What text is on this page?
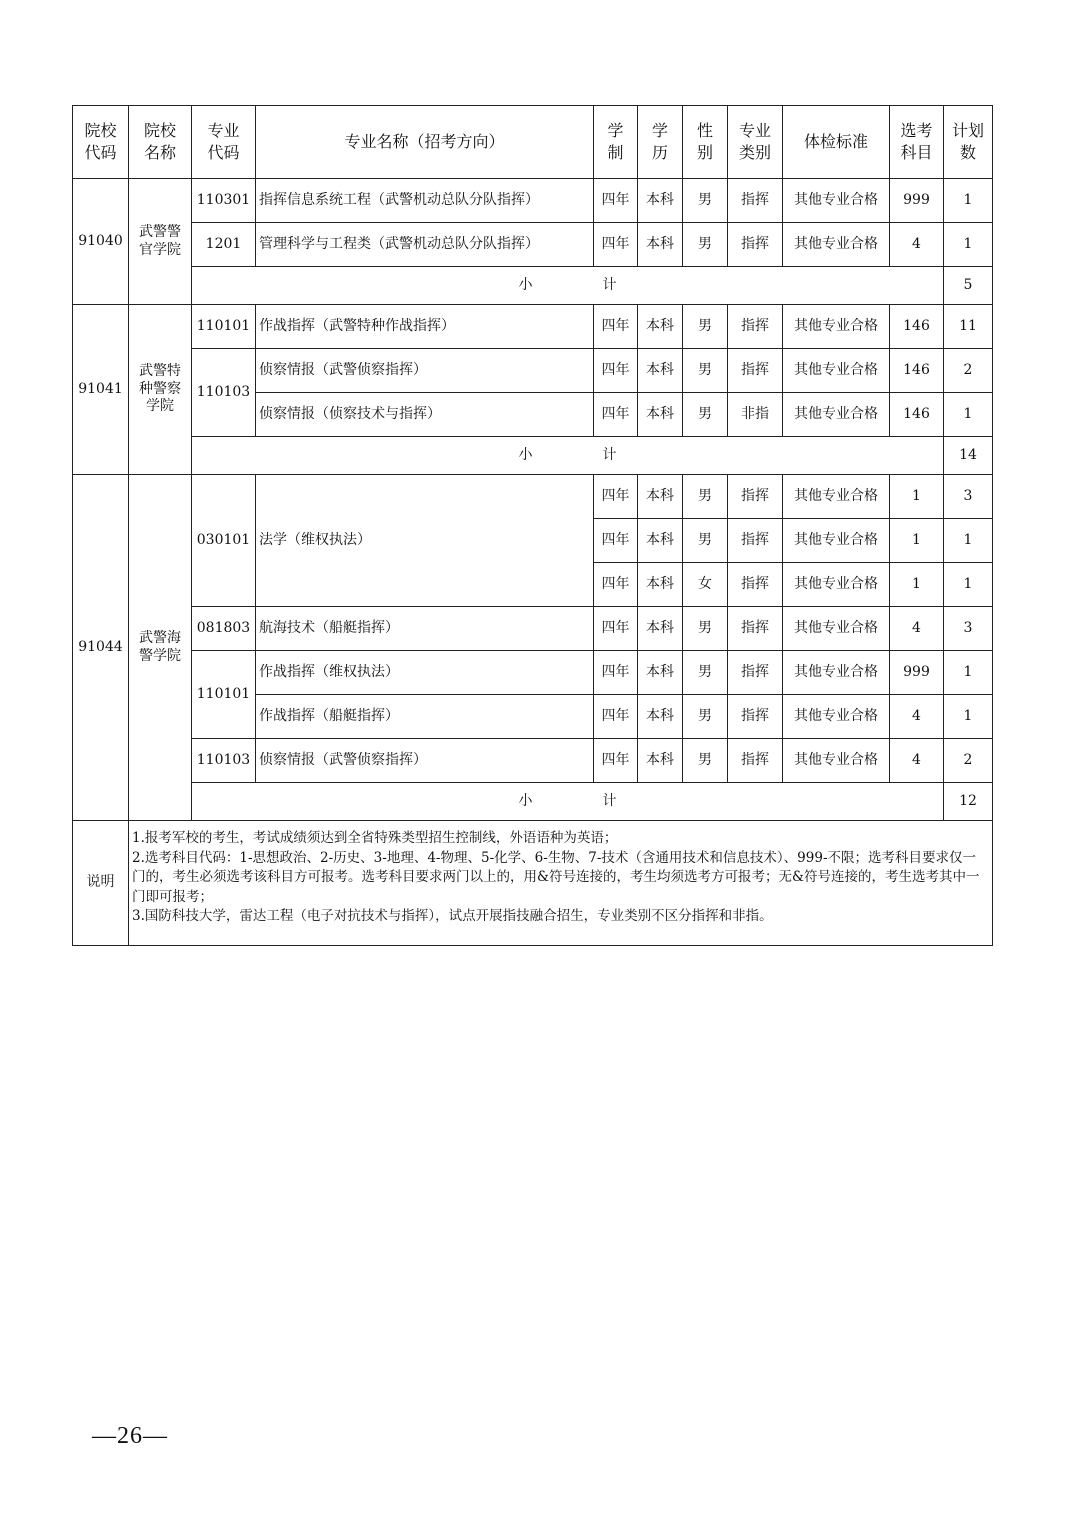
院校代码	院校名称	专业代码	专业名称（招考方向）	学制	学历	性别	专业类别	体检标准	选考科目	计划数
91040	武警警官学院	110301	指挥信息系统工程（武警机动总队分队指挥）	四年	本科	男	指挥	其他专业合格	999	1
		1201	管理科学与工程类（武警机动总队分队指挥）	四年	本科	男	指挥	其他专业合格	4	1
		小 计								5
91041	武警特种警察学院	110101	作战指挥（武警特种作战指挥）	四年	本科	男	指挥	其他专业合格	146	11
		110103	侦察情报（武警侦察指挥）	四年	本科	男	指挥	其他专业合格	146	2
			侦察情报（侦察技术与指挥）	四年	本科	男	非指	其他专业合格	146	1
		小 计								14
91044	武警海警学院	030101	法学（维权执法）	四年	本科	男	指挥	其他专业合格	1	3
				四年	本科	男	指挥	其他专业合格	1	1
				四年	本科	女	指挥	其他专业合格	1	1
		081803	航海技术（船艇指挥）	四年	本科	男	指挥	其他专业合格	4	3
		110101	作战指挥（维权执法）	四年	本科	男	指挥	其他专业合格	999	1
			作战指挥（船艇指挥）	四年	本科	男	指挥	其他专业合格	4	1
		110103	侦察情报（武警侦察指挥）	四年	本科	男	指挥	其他专业合格	4	2
		小 计								12
说明	1.报考军校的考生，考试成绩须达到全省特殊类型招生控制线，外语语种为英语；
2.选考科目代码：1-思想政治、2-历史、3-地理、4-物理、5-化学、6-生物、7-技术（含通用技术和信息技术）、999-不限；选考科目要求仅一门的，考生必须选考该科目方可报考。选考科目要求两门以上的，用&符号连接的，考生均须选考方可报考；无&符号连接的，考生选考其中一门即可报考；
3.国防科技大学，雷达工程（电子对抗技术与指挥），试点开展指技融合招生，专业类别不区分指挥和非指。									
—26—
